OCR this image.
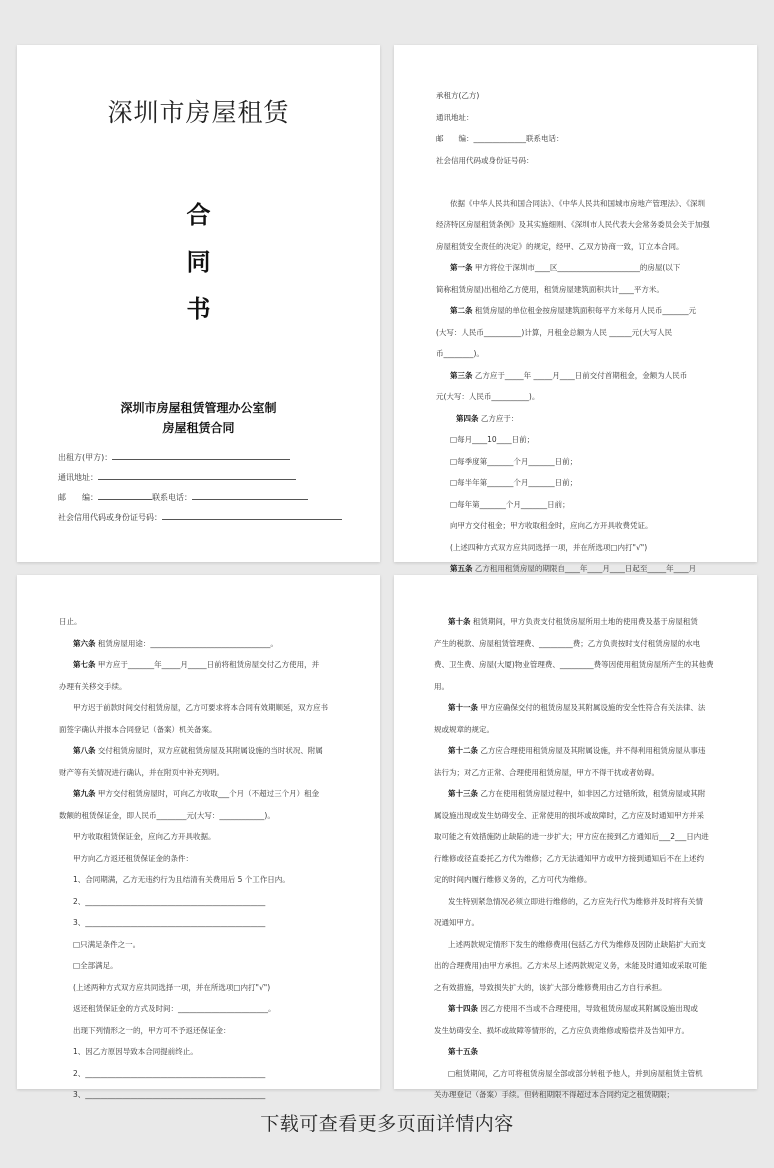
深圳市房屋租赁
合
同
书
深圳市房屋租赁管理办公室制
房屋租赁合同
出租方(甲方)：
通讯地址：
邮　　编：	联系电话：
社会信用代码或身份证号码：

承租方(乙方)

通讯地址：

邮　　编：______________联系电话：

社会信用代码或身份证号码：

依据《中华人民共和国合同法》、《中华人民共和国城市房地产管理法》、《深圳

经济特区房屋租赁条例》及其实施细则、《深圳市人民代表大会常务委员会关于加强

房屋租赁安全责任的决定》的规定，经甲、乙双方协商一致，订立本合同。

第一条 甲方将位于深圳市____区______________________的房屋(以下

简称租赁房屋)出租给乙方使用，租赁房屋建筑面积共计____平方米。

第二条 租赁房屋的单位租金按房屋建筑面积每平方米每月人民币_______元

(大写：人民币__________)计算，月租金总额为人民 ______元(大写人民

币________)。

第三条 乙方应于_____年 _____月____日前交付首期租金，金额为人民币

元(大写：人民币__________)。

第四条 乙方应于：

□每月____10____日前；

□每季度第_______个月_______日前；

□每半年第_______个月_______日前；

□每年第_______个月_______日前；

向甲方交付租金；甲方收取租金时，应向乙方开具收费凭证。

(上述四种方式双方应共同选择一项，并在所选项□内打"√")

第五条 乙方租用租赁房屋的期限自____年____月____日起至_____年____月

日止。

第六条 租赁房屋用途：________________________________。

第七条 甲方应于_______年_____月_____日前将租赁房屋交付乙方使用，并

办理有关移交手续。

甲方迟于前款时间交付租赁房屋，乙方可要求将本合同有效期顺延，双方应书

面签字确认并报本合同登记（备案）机关备案。

第八条 交付租赁房屋时，双方应就租赁房屋及其附属设施的当时状况、附属

财产等有关情况进行确认，并在附页中补充列明。

第九条 甲方交付租赁房屋时，可向乙方收取___个月（不超过三个月）租金

数额的租赁保证金，即人民币________元(大写：____________)。

甲方收取租赁保证金，应向乙方开具收据。

甲方向乙方返还租赁保证金的条件：

1、合同期满，乙方无违约行为且结清有关费用后 5 个工作日内。

2、________________________________________________

3、________________________________________________

□只满足条件之一。

□全部满足。

(上述两种方式双方应共同选择一项，并在所选项□内打"√")

返还租赁保证金的方式及时间：________________________。

出现下列情形之一的，甲方可不予返还保证金：

1、因乙方原因导致本合同提前终止。

2、________________________________________________

3、________________________________________________

第十条 租赁期间，甲方负责支付租赁房屋所用土地的使用费及基于房屋租赁

产生的税款、房屋租赁管理费、_________费；乙方负责按时支付租赁房屋的水电

费、卫生费、房屋(大厦)物业管理费、_________费等因使用租赁房屋所产生的其他费

用。

第十一条 甲方应确保交付的租赁房屋及其附属设施的安全性符合有关法律、法

规或规章的规定。

第十二条 乙方应合理使用租赁房屋及其附属设施，并不得利用租赁房屋从事违

法行为；对乙方正常、合理使用租赁房屋，甲方不得干扰或者妨碍。

第十三条 乙方在使用租赁房屋过程中，如非因乙方过错所致，租赁房屋或其附

属设施出现或发生妨碍安全、正常使用的损坏或故障时，乙方应及时通知甲方并采

取可能之有效措施防止缺陷的进一步扩大；甲方应在接到乙方通知后___2___日内进

行维修或径直委托乙方代为维修；乙方无法通知甲方或甲方接到通知后不在上述约

定的时间内履行维修义务的，乙方可代为维修。

发生特别紧急情况必须立即进行维修的，乙方应先行代为维修并及时将有关情

况通知甲方。

上述两款规定情形下发生的维修费用(包括乙方代为维修及因防止缺陷扩大而支

出的合理费用)由甲方承担。乙方未尽上述两款规定义务，未能及时通知或采取可能

之有效措施，导致损失扩大的，该扩大部分维修费用由乙方自行承担。

第十四条 因乙方使用不当或不合理使用，导致租赁房屋或其附属设施出现或

发生妨碍安全、损坏或故障等情形的，乙方应负责维修或赔偿并及告知甲方。

第十五条

□租赁期间，乙方可将租赁房屋全部或部分转租予他人，并到房屋租赁主管机

关办理登记（备案）手续。但转租期限不得超过本合同约定之租赁期限；

下载可查看更多页面详情内容
